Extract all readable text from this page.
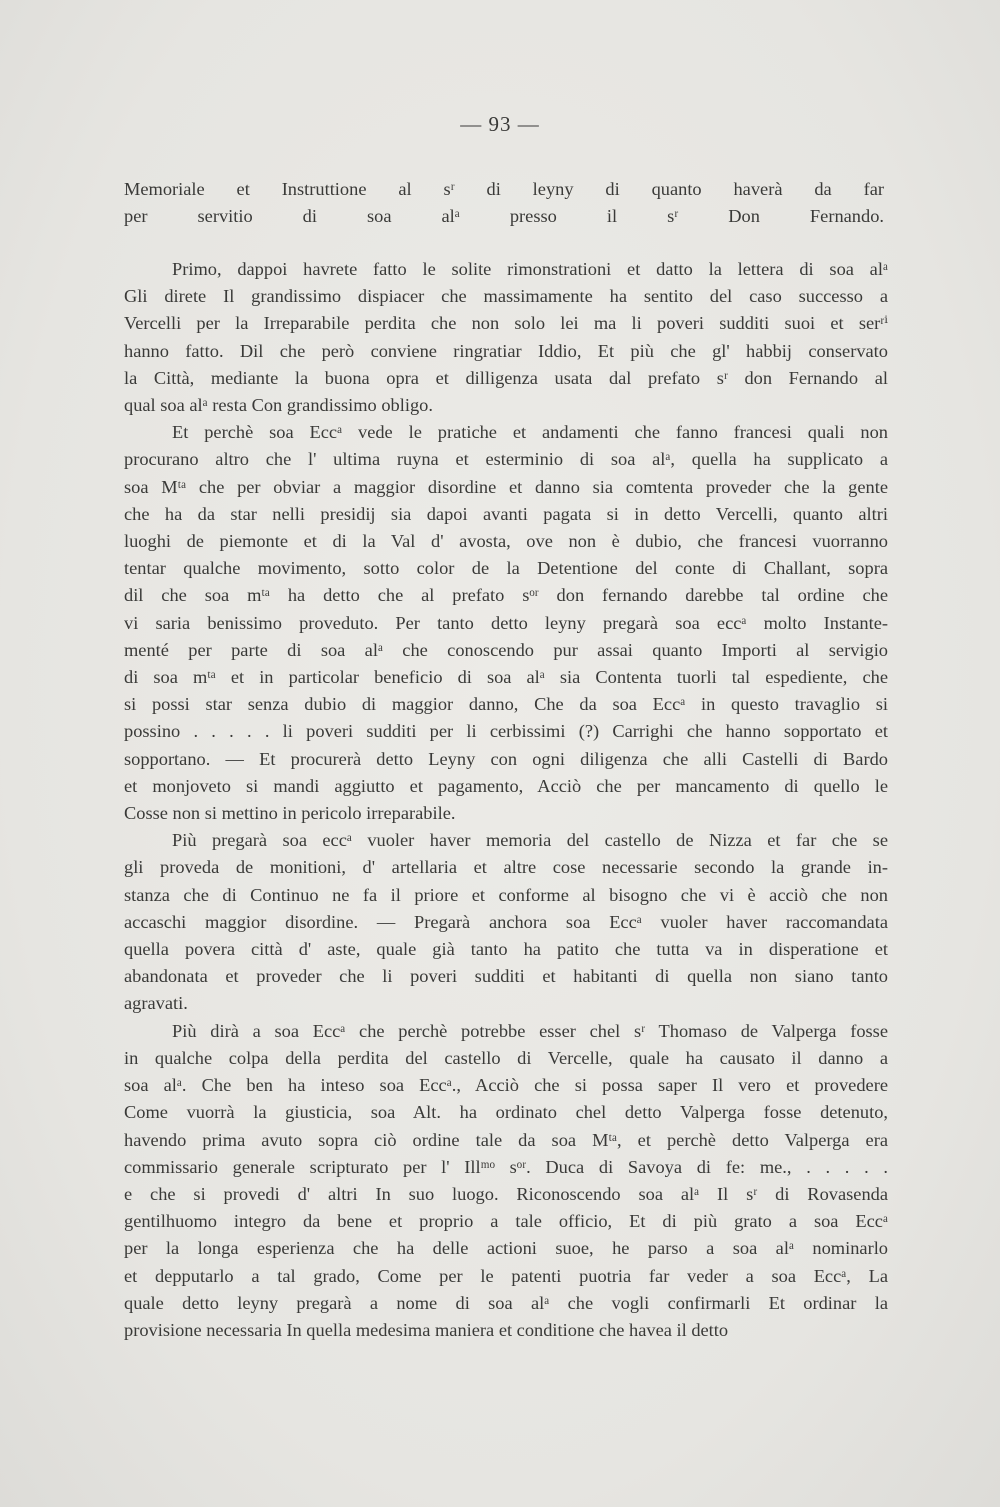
— 93 —
Memoriale et Instruttione al sʳ di leyny di quanto haverà da far
per servitio di soa alᵃ presso il sʳ Don Fernando.
Primo, dappoi havrete fatto le solite rimonstrationi et datto la lettera di soa alᵃ
Gli direte Il grandissimo dispiacer che massimamente ha sentito del caso successo a
Vercelli per la Irreparabile perdita che non solo lei ma li poveri sudditi suoi et serʳⁱ
hanno fatto. Dil che però conviene ringratiar Iddio, Et più che gl' habbij conservato
la Città, mediante la buona opra et dilligenza usata dal prefato sʳ don Fernando al
qual soa alᵃ resta Con grandissimo obligo.
Et perchè soa Eccᵃ vede le pratiche et andamenti che fanno francesi quali non
procurano altro che l' ultima ruyna et esterminio di soa alᵃ, quella ha supplicato a
soa Mᵗᵃ che per obviar a maggior disordine et danno sia comtenta proveder che la gente
che ha da star nelli presidij sia dapoi avanti pagata si in detto Vercelli, quanto altri
luoghi de piemonte et di la Val d' avosta, ove non è dubio, che francesi vuorranno
tentar qualche movimento, sotto color de la Detentione del conte di Challant, sopra
dil che soa mᵗᵃ ha detto che al prefato sᵒʳ don fernando darebbe tal ordine che
vi saria benissimo proveduto. Per tanto detto leyny pregarà soa eccᵃ molto Instante-
menté per parte di soa alᵃ che conoscendo pur assai quanto Importi al servigio
di soa mᵗᵃ et in particolar beneficio di soa alᵃ sia Contenta tuorli tal espediente, che
si possi star senza dubio di maggior danno, Che da soa Eccᵃ in questo travaglio si
possino . . . . . li poveri sudditi per li cerbissimi (?) Carrighi che hanno sopportato et
sopportano. — Et procurerà detto Leyny con ogni diligenza che alli Castelli di Bardo
et monjoveto si mandi aggiutto et pagamento, Acciò che per mancamento di quello le
Cosse non si mettino in pericolo irreparabile.
Più pregarà soa eccᵃ vuoler haver memoria del castello de Nizza et far che se
gli proveda de monitioni, d' artellaria et altre cose necessarie secondo la grande in-
stanza che di Continuo ne fa il priore et conforme al bisogno che vi è acciò che non
accaschi maggior disordine. — Pregarà anchora soa Eccᵃ vuoler haver raccomandata
quella povera città d' aste, quale già tanto ha patito che tutta va in disperatione et
abandonata et proveder che li poveri sudditi et habitanti di quella non siano tanto
agravati.
Più dirà a soa Eccᵃ che perchè potrebbe esser chel sʳ Thomaso de Valperga fosse
in qualche colpa della perdita del castello di Vercelle, quale ha causato il danno a
soa alᵃ. Che ben ha inteso soa Eccᵃ., Acciò che si possa saper Il vero et provedere
Come vuorrà la giusticia, soa Alt. ha ordinato chel detto Valperga fosse detenuto,
havendo prima avuto sopra ciò ordine tale da soa Mᵗᵃ, et perchè detto Valperga era
commissario generale scripturato per l' Illᵐᵒ sᵒʳ. Duca di Savoya di fe: me., . . . . .
e che si provedi d' altri In suo luogo. Riconoscendo soa alᵃ Il sʳ di Rovasenda
gentilhuomo integro da bene et proprio a tale officio, Et di più grato a soa Eccᵃ
per la longa esperienza che ha delle actioni suoe, he parso a soa alᵃ nominarlo
et depputarlo a tal grado, Come per le patenti puotria far veder a soa Eccᵃ, La
quale detto leyny pregarà a nome di soa alᵃ che vogli confirmarli Et ordinar la
provisione necessaria In quella medesima maniera et conditione che havea il detto
